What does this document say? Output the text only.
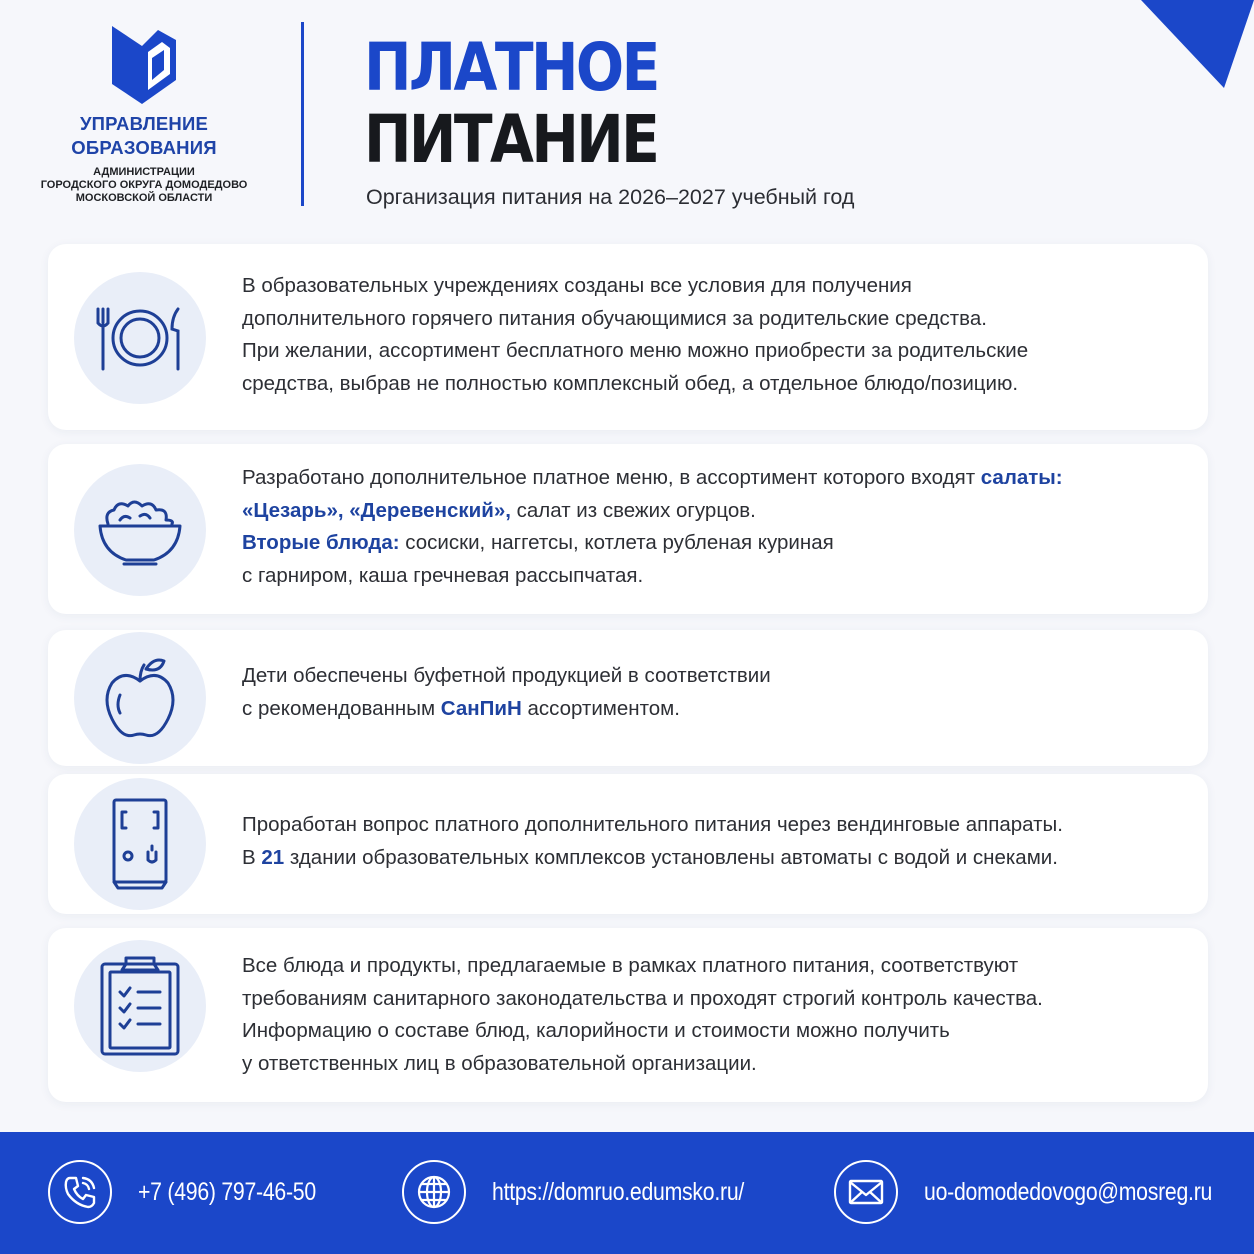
УПРАВЛЕНИЕ
ОБРАЗОВАНИЯ
АДМИНИСТРАЦИИ
ГОРОДСКОГО ОКРУГА ДОМОДЕДОВО
МОСКОВСКОЙ ОБЛАСТИ
ПЛАТНОЕ
ПИТАНИЕ
Организация питания на 2026–2027 учебный год
В образовательных учреждениях созданы все условия для получения
дополнительного горячего питания обучающимися за родительские средства.
При желании, ассортимент бесплатного меню можно приобрести за родительские
средства, выбрав не полностью комплексный обед, а отдельное блюдо/позицию.
Разработано дополнительное платное меню, в ассортимент которого входят салаты:
«Цезарь», «Деревенский», салат из свежих огурцов.
Вторые блюда: сосиски, наггетсы, котлета рубленая куриная
с гарниром, каша гречневая рассыпчатая.
Дети обеспечены буфетной продукцией в соответствии
с рекомендованным СанПиН ассортиментом.
Проработан вопрос платного дополнительного питания через вендинговые аппараты.
В 21 здании образовательных комплексов установлены автоматы с водой и снеками.
Все блюда и продукты, предлагаемые в рамках платного питания, соответствуют
требованиям санитарного законодательства и проходят строгий контроль качества.
Информацию о составе блюд, калорийности и стоимости можно получить
у ответственных лиц в образовательной организации.
+7 (496) 797-46-50	https://domruo.edumsko.ru/	uo-domodedovogo@mosreg.ru
